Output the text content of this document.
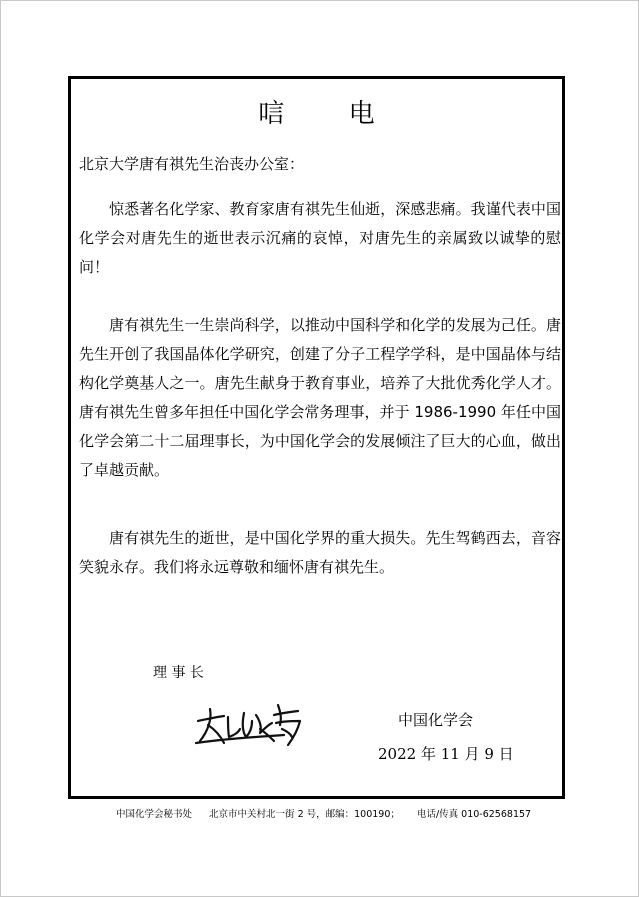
唁 电
北京大学唐有祺先生治丧办公室：

惊悉著名化学家、教育家唐有祺先生仙逝，深感悲痛。我谨代表中国化学会对唐先生的逝世表示沉痛的哀悼，对唐先生的亲属致以诚挚的慰问！

唐有祺先生一生崇尚科学，以推动中国科学和化学的发展为己任。唐先生开创了我国晶体化学研究，创建了分子工程学学科，是中国晶体与结构化学奠基人之一。唐先生献身于教育事业，培养了大批优秀化学人才。唐有祺先生曾多年担任中国化学会常务理事，并于 1986-1990 年任中国化学会第二十二届理事长，为中国化学会的发展倾注了巨大的心血，做出了卓越贡献。

唐有祺先生的逝世，是中国化学界的重大损失。先生驾鹤西去，音容笑貌永存。我们将永远尊敬和缅怀唐有祺先生。

理 事 长
中国化学会
2022 年 11 月 9 日
中国化学会秘书处 北京市中关村北一街 2 号，邮编：100190； 电话/传真 010-62568157
